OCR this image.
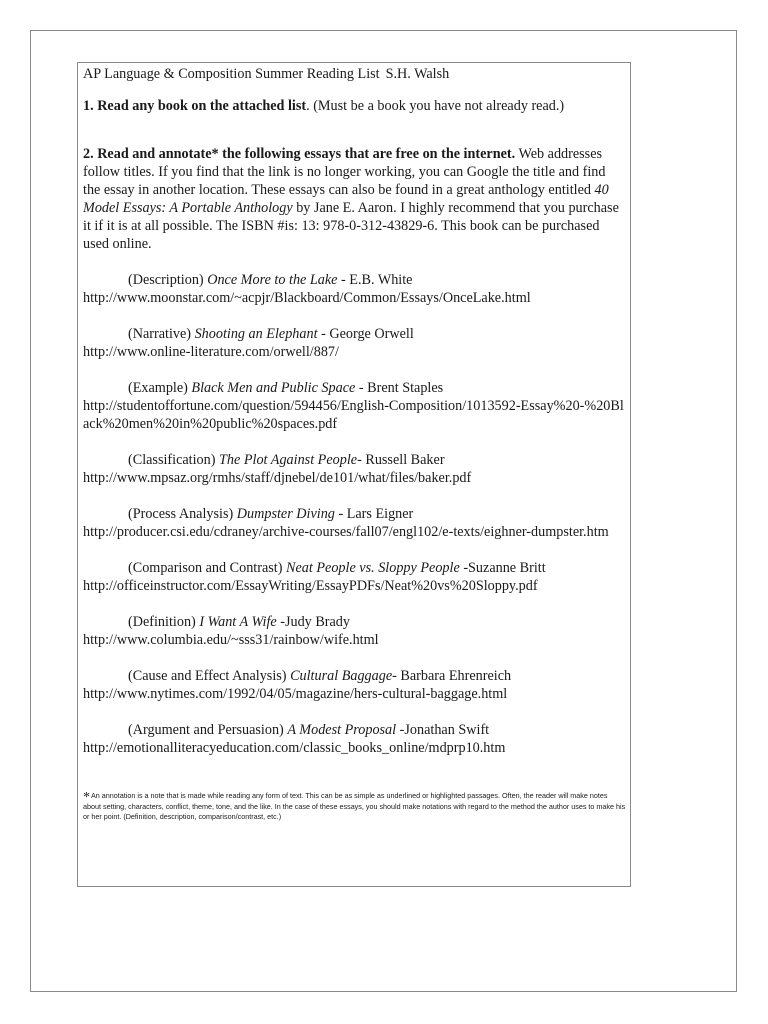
AP Language & Composition Summer Reading List S.H. Walsh
1. Read any book on the attached list. (Must be a book you have not already read.)
2. Read and annotate* the following essays that are free on the internet. Web addresses follow titles. If you find that the link is no longer working, you can Google the title and find the essay in another location. These essays can also be found in a great anthology entitled 40 Model Essays: A Portable Anthology by Jane E. Aaron. I highly recommend that you purchase it if it is at all possible. The ISBN #is: 13: 978-0-312-43829-6. This book can be purchased used online.
(Description) Once More to the Lake - E.B. White
http://www.moonstar.com/~acpjr/Blackboard/Common/Essays/OnceLake.html
(Narrative) Shooting an Elephant - George Orwell
http://www.online-literature.com/orwell/887/
(Example) Black Men and Public Space - Brent Staples
http://studentoffortune.com/question/594456/English-Composition/1013592-Essay%20-%20Black%20men%20in%20public%20spaces.pdf
(Classification) The Plot Against People- Russell Baker
http://www.mpsaz.org/rmhs/staff/djnebel/de101/what/files/baker.pdf
(Process Analysis) Dumpster Diving - Lars Eigner
http://producer.csi.edu/cdraney/archive-courses/fall07/engl102/e-texts/eighner-dumpster.htm
(Comparison and Contrast) Neat People vs. Sloppy People -Suzanne Britt
http://officeinstructor.com/EssayWriting/EssayPDFs/Neat%20vs%20Sloppy.pdf
(Definition) I Want A Wife -Judy Brady
http://www.columbia.edu/~sss31/rainbow/wife.html
(Cause and Effect Analysis) Cultural Baggage- Barbara Ehrenreich
http://www.nytimes.com/1992/04/05/magazine/hers-cultural-baggage.html
(Argument and Persuasion) A Modest Proposal -Jonathan Swift
http://emotionalliteracyeducation.com/classic_books_online/mdprp10.htm
*An annotation is a note that is made while reading any form of text. This can be as simple as underlined or highlighted passages. Often, the reader will make notes about setting, characters, conflict, theme, tone, and the like. In the case of these essays, you should make notations with regard to the method the author uses to make his or her point. (Definition, description, comparison/contrast, etc.)
